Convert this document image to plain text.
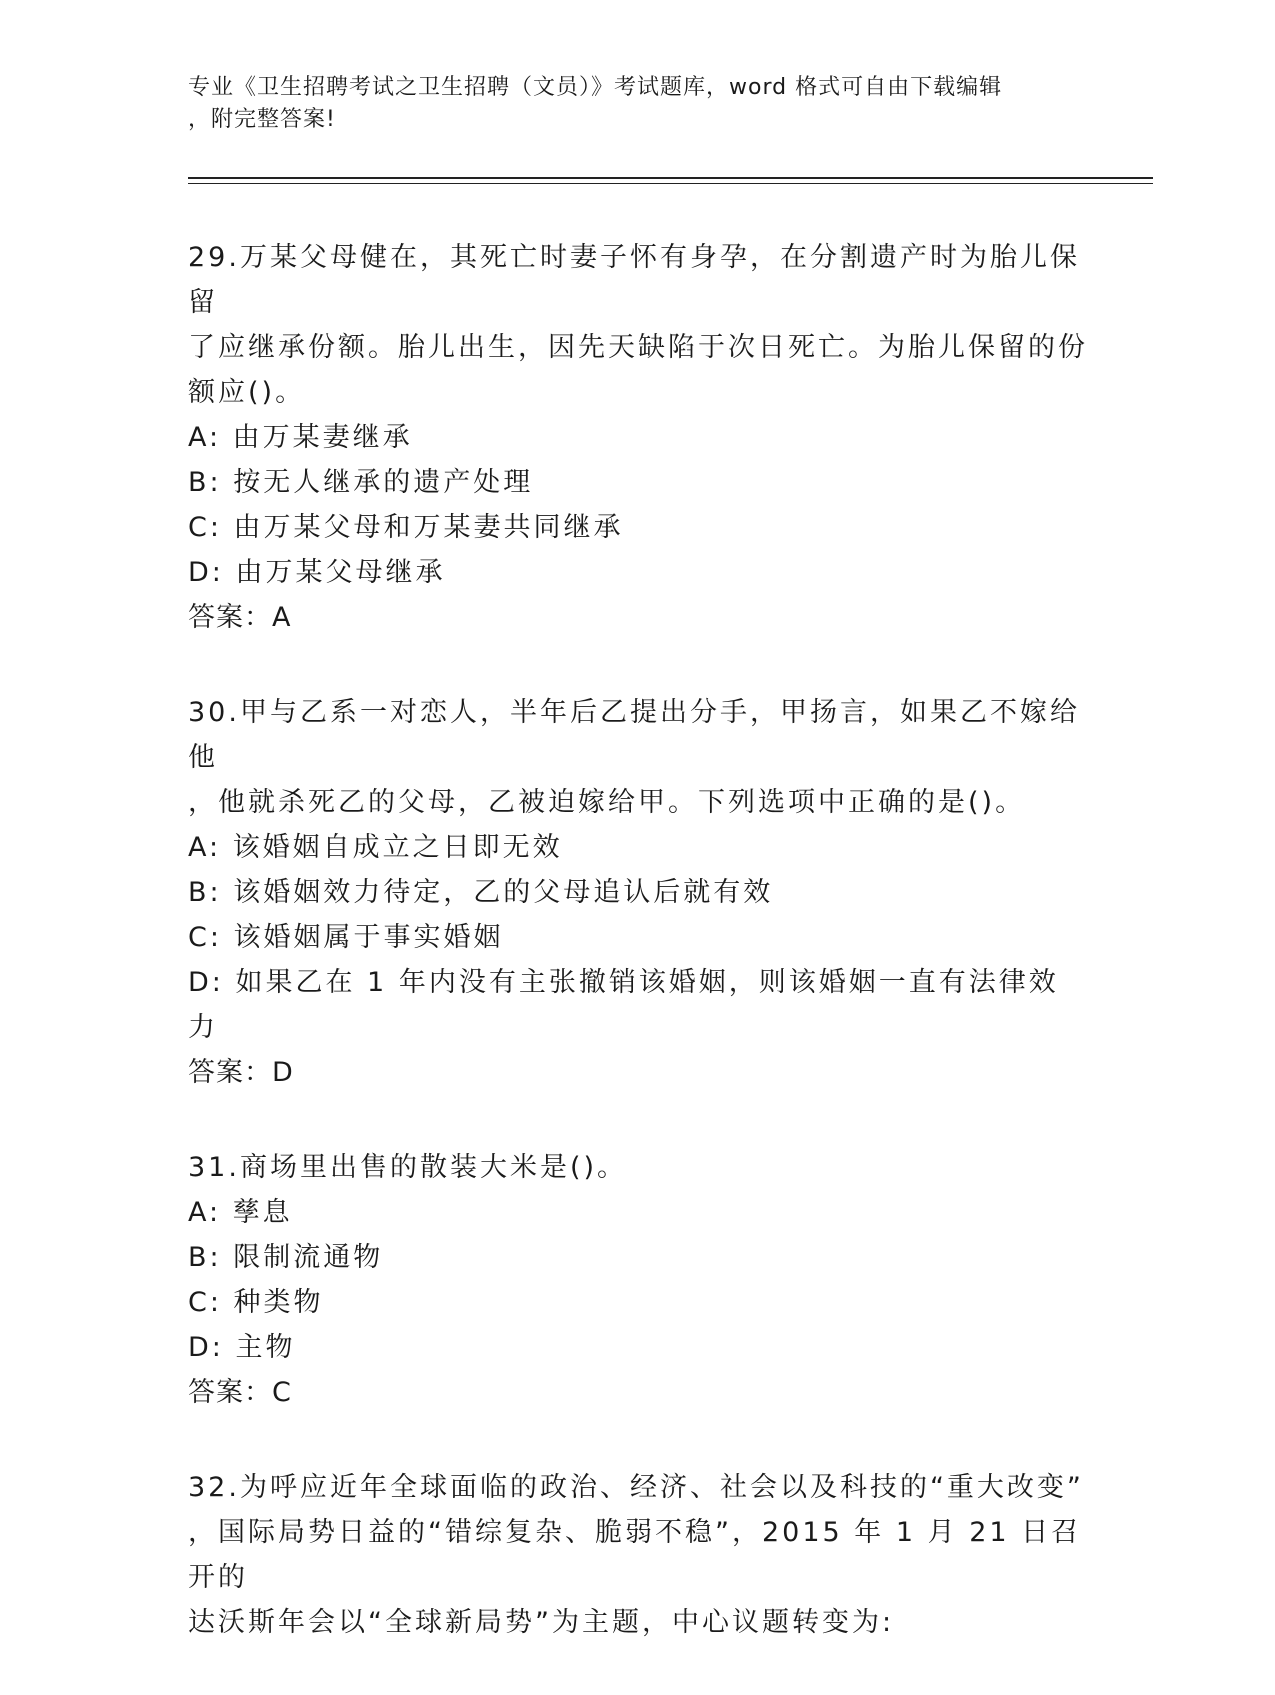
专业《卫生招聘考试之卫生招聘（文员）》考试题库，word 格式可自由下载编辑
，附完整答案!

29.万某父母健在，其死亡时妻子怀有身孕，在分割遗产时为胎儿保留

了应继承份额。胎儿出生，因先天缺陷于次日死亡。为胎儿保留的份

额应()。

A: 由万某妻继承

B: 按无人继承的遗产处理

C: 由万某父母和万某妻共同继承

D: 由万某父母继承

答案：A

30.甲与乙系一对恋人，半年后乙提出分手，甲扬言，如果乙不嫁给他

，他就杀死乙的父母，乙被迫嫁给甲。下列选项中正确的是()。

A: 该婚姻自成立之日即无效

B: 该婚姻效力待定，乙的父母追认后就有效

C: 该婚姻属于事实婚姻

D: 如果乙在 1 年内没有主张撤销该婚姻，则该婚姻一直有法律效力

答案：D

31.商场里出售的散装大米是()。

A: 孳息

B: 限制流通物

C: 种类物

D: 主物

答案：C

32.为呼应近年全球面临的政治、经济、社会以及科技的“重大改变”

，国际局势日益的“错综复杂、脆弱不稳”，2015 年 1 月 21 日召开的

达沃斯年会以“全球新局势”为主题，中心议题转变为:
